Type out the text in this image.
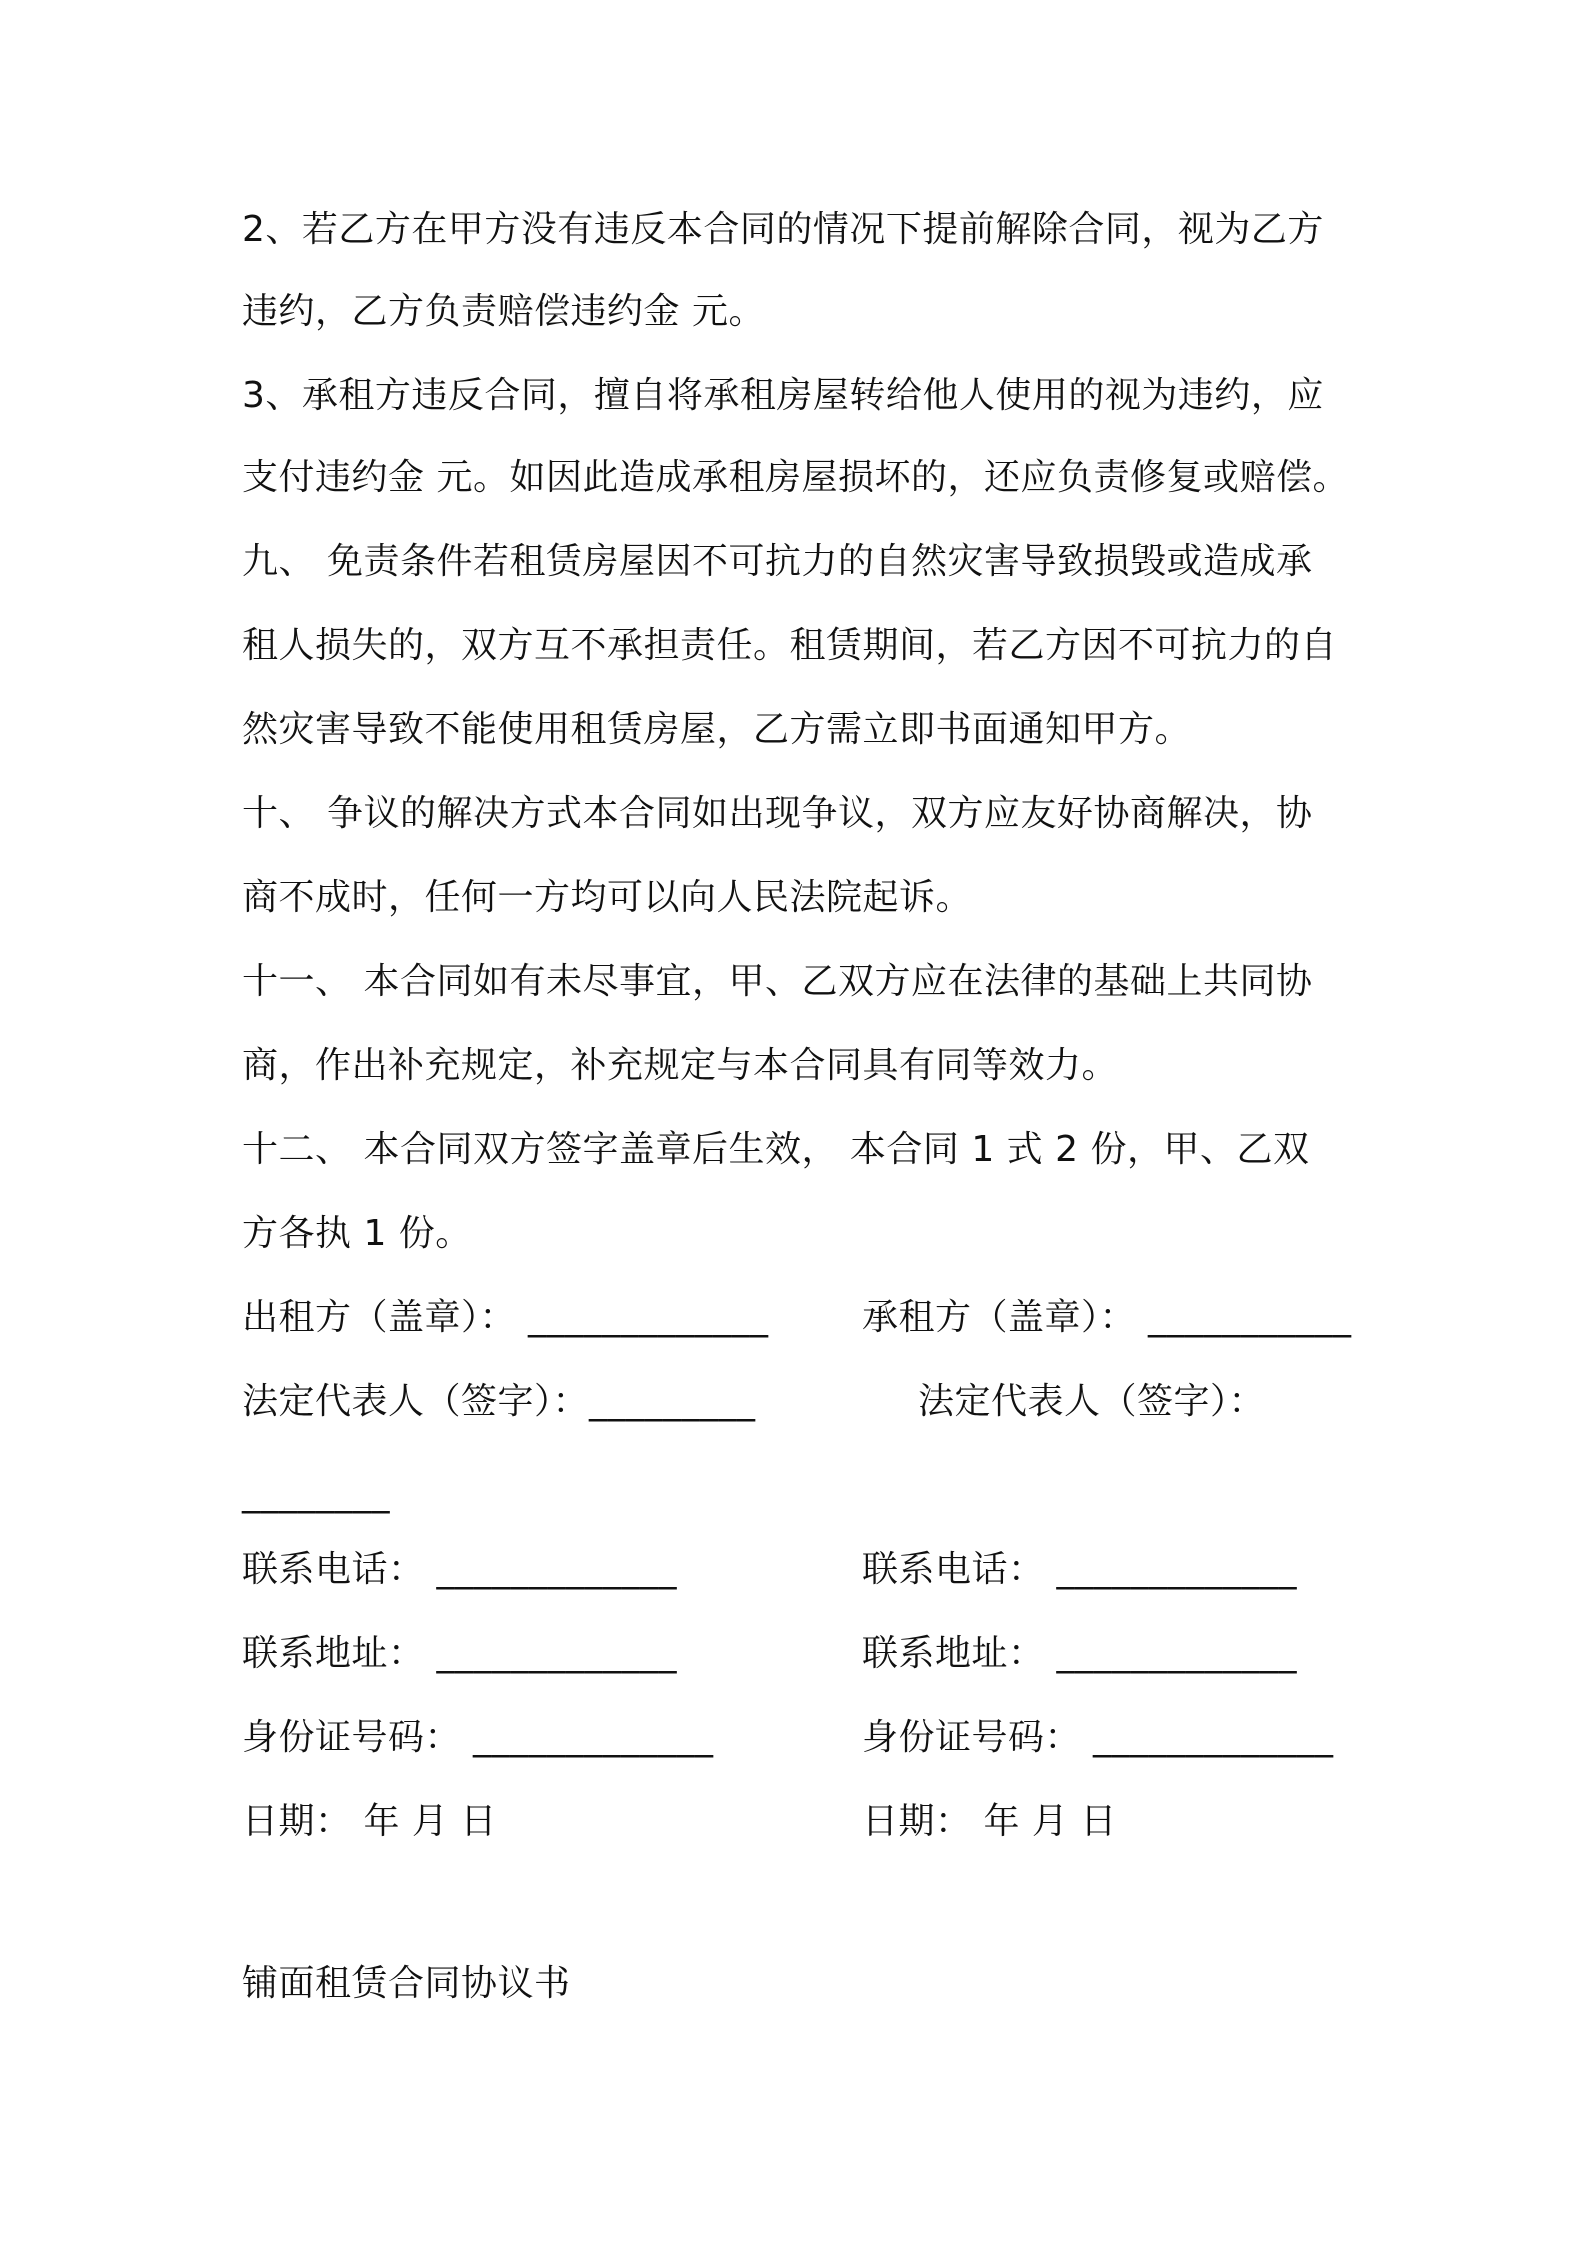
2、若乙方在甲方没有违反本合同的情况下提前解除合同，视为乙方
违约，乙方负责赔偿违约金 元。
3、承租方违反合同，擅自将承租房屋转给他人使用的视为违约，应
支付违约金 元。如因此造成承租房屋损坏的，还应负责修复或赔偿。
九、 免责条件若租赁房屋因不可抗力的自然灾害导致损毁或造成承
租人损失的，双方互不承担责任。租赁期间，若乙方因不可抗力的自
然灾害导致不能使用租赁房屋，乙方需立即书面通知甲方。
十、 争议的解决方式本合同如出现争议，双方应友好协商解决，协
商不成时，任何一方均可以向人民法院起诉。
十一、 本合同如有未尽事宜，甲、乙双方应在法律的基础上共同协
商，作出补充规定，补充规定与本合同具有同等效力。
十二、 本合同双方签字盖章后生效， 本合同 1 式 2 份，甲、乙双
方各执 1 份。
出租方（盖章）： _____________	承租方（盖章）： ___________
法定代表人（签字）：_________	法定代表人（签字）：
________
联系电话： _____________	联系电话： _____________
联系地址： _____________	联系地址： _____________
身份证号码： _____________	身份证号码： _____________
日期： 年 月 日	日期： 年 月 日
铺面租赁合同协议书
